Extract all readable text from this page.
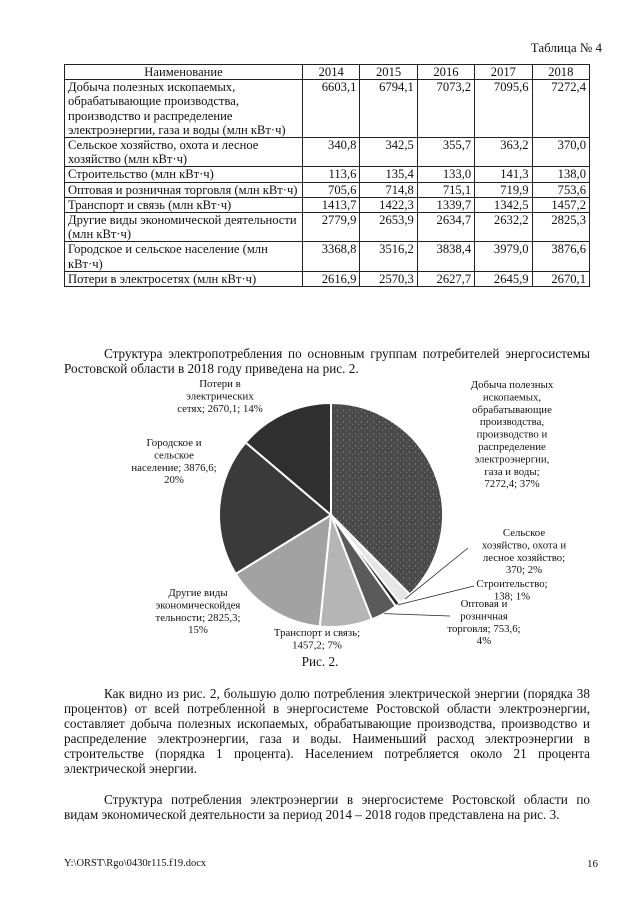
Таблица № 4
Наименование	2014	2015	2016	2017	2018
Добыча полезных ископаемых, обрабатывающие производства, производство и распределение электроэнергии, газа и воды (млн кВт·ч)	6603,1	6794,1	7073,2	7095,6	7272,4
Сельское хозяйство, охота и лесное хозяйство (млн кВт·ч)	340,8	342,5	355,7	363,2	370,0
Строительство (млн кВт·ч)	113,6	135,4	133,0	141,3	138,0
Оптовая и розничная торговля (млн кВт·ч)	705,6	714,8	715,1	719,9	753,6
Транспорт и связь (млн кВт·ч)	1413,7	1422,3	1339,7	1342,5	1457,2
Другие виды экономической деятельности (млн кВт·ч)	2779,9	2653,9	2634,7	2632,2	2825,3
Городское и сельское население (млн кВт·ч)	3368,8	3516,2	3838,4	3979,0	3876,6
Потери в электросетях (млн кВт·ч)	2616,9	2570,3	2627,7	2645,9	2670,1

Структура электропотребления по основным группам потребителей энергосистемы Ростовской области в 2018 году приведена на рис. 2.

Добыча полезных ископаемых, обрабатывающие производства, производство и распределение электроэнергии, газа и воды; 7272,4; 37%
Сельское хозяйство, охота и лесное хозяйство; 370; 2%
Строительство; 138; 1%
Оптовая и розничная торговля; 753,6; 4%
Транспорт и связь; 1457,2; 7%
Другие виды экономическойдея тельности; 2825,3; 15%
Городское и сельское население; 3876,6; 20%
Потери в электрических сетях; 2670,1; 14%
Рис. 2.

Как видно из рис. 2, большую долю потребления электрической энергии (порядка 38 процентов) от всей потребленной в энергосистеме Ростовской области электроэнергии, составляет добыча полезных ископаемых, обрабатывающие производства, производство и распределение электроэнергии, газа и воды. Наименьший расход электроэнергии в строительстве (порядка 1 процента). Населением потребляется около 21 процента электрической энергии.

Структура потребления электроэнергии в энергосистеме Ростовской области по видам экономической деятельности за период 2014 – 2018 годов представлена на рис. 3.

Y:\ORST\Rgo\0430r115.f19.docx	16
